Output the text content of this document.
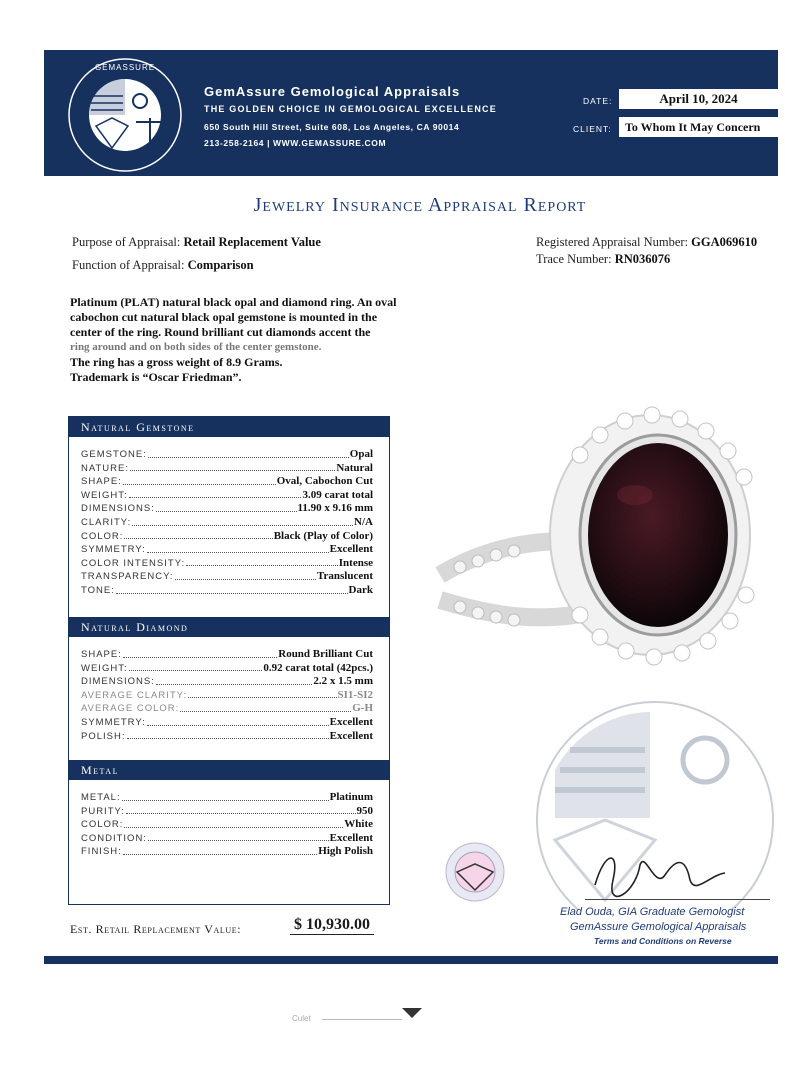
GEMASSURE
GemAssure Gemological Appraisals
THE GOLDEN CHOICE IN GEMOLOGICAL EXCELLENCE
650 South Hill Street, Suite 608, Los Angeles, CA 90014
213-258-2164 | WWW.GEMASSURE.COM
DATE:	April 10, 2024
CLIENT:	To Whom It May Concern
Jewelry Insurance Appraisal Report
Purpose of Appraisal: Retail Replacement Value
Function of Appraisal: Comparison
Registered Appraisal Number: GGA069610
Trace Number: RN036076
Platinum (PLAT) natural black opal and diamond ring. An oval
cabochon cut natural black opal gemstone is mounted in the
center of the ring. Round brilliant cut diamonds accent the
ring around and on both sides of the center gemstone.
The ring has a gross weight of 8.9 Grams.
Trademark is “Oscar Friedman”.
Natural Gemstone
GEMSTONE:	Opal
NATURE:	Natural
SHAPE:	Oval, Cabochon Cut
WEIGHT:	3.09 carat total
DIMENSIONS:	11.90 x 9.16 mm
CLARITY:	N/A
COLOR:	Black (Play of Color)
SYMMETRY:	Excellent
COLOR INTENSITY:	Intense
TRANSPARENCY:	Translucent
TONE:	Dark
Natural Diamond
SHAPE:	Round Brilliant Cut
WEIGHT:	0.92 carat total (42pcs.)
DIMENSIONS:	2.2 x 1.5 mm
AVERAGE CLARITY:	SI1-SI2
AVERAGE COLOR:	G-H
SYMMETRY:	Excellent
POLISH:	Excellent
Metal
METAL:	Platinum
PURITY:	950
COLOR:	White
CONDITION:	Excellent
FINISH:	High Polish
Elad Ouda, GIA Graduate Gemologist
GemAssure Gemological Appraisals
Terms and Conditions on Reverse
Est. Retail Replacement Value:	$ 10,930.00
Culet
